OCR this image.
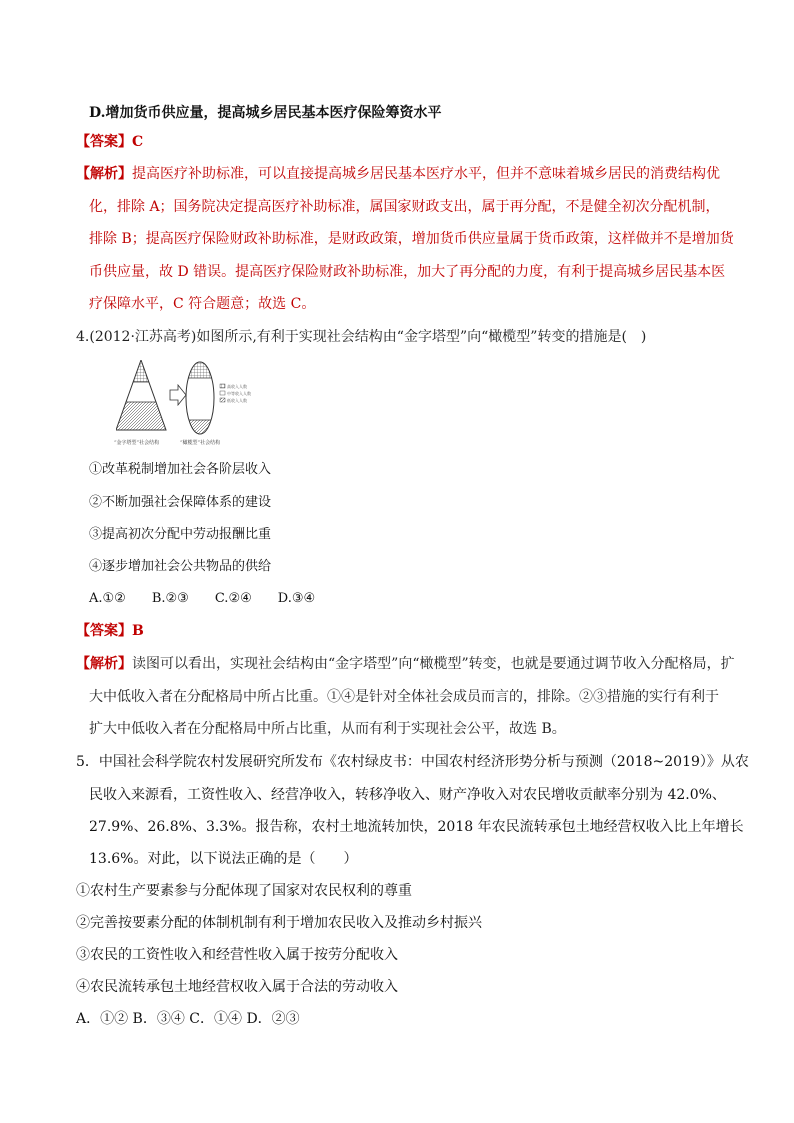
D.增加货币供应量，提高城乡居民基本医疗保险筹资水平
【答案】C
【解析】提高医疗补助标准，可以直接提高城乡居民基本医疗水平，但并不意味着城乡居民的消费结构优
化，排除 A；国务院决定提高医疗补助标准，属国家财政支出，属于再分配，不是健全初次分配机制，
排除 B；提高医疗保险财政补助标准，是财政政策，增加货币供应量属于货币政策，这样做并不是增加货
币供应量，故 D 错误。提高医疗保险财政补助标准，加大了再分配的力度，有利于提高城乡居民基本医
疗保障水平，C 符合题意；故选 C。
4.(2012·江苏高考)如图所示,有利于实现社会结构由“金字塔型”向“橄榄型”转变的措施是(　)
高收入人数
中等收入人数
低收入人数
“金字塔型”社会结构	“橄榄型”社会结构
①改革税制增加社会各阶层收入
②不断加强社会保障体系的建设
③提高初次分配中劳动报酬比重
④逐步增加社会公共物品的供给
A.①②　　B.②③　　C.②④　　D.③④
【答案】B
【解析】读图可以看出，实现社会结构由“金字塔型”向“橄榄型”转变，也就是要通过调节收入分配格局，扩
大中低收入者在分配格局中所占比重。①④是针对全体社会成员而言的，排除。②③措施的实行有利于
扩大中低收入者在分配格局中所占比重，从而有利于实现社会公平，故选 B。
5．中国社会科学院农村发展研究所发布《农村绿皮书：中国农村经济形势分析与预测（2018~2019）》从农
民收入来源看，工资性收入、经营净收入，转移净收入、财产净收入对农民增收贡献率分别为 42.0%、
27.9%、26.8%、3.3%。报告称，农村土地流转加快，2018 年农民流转承包土地经营权收入比上年增长
13.6%。对此，以下说法正确的是（　　）
①农村生产要素参与分配体现了国家对农民权利的尊重
②完善按要素分配的体制机制有利于增加农民收入及推动乡村振兴
③农民的工资性收入和经营性收入属于按劳分配收入
④农民流转承包土地经营权收入属于合法的劳动收入
A．①② B．③④ C．①④ D．②③
